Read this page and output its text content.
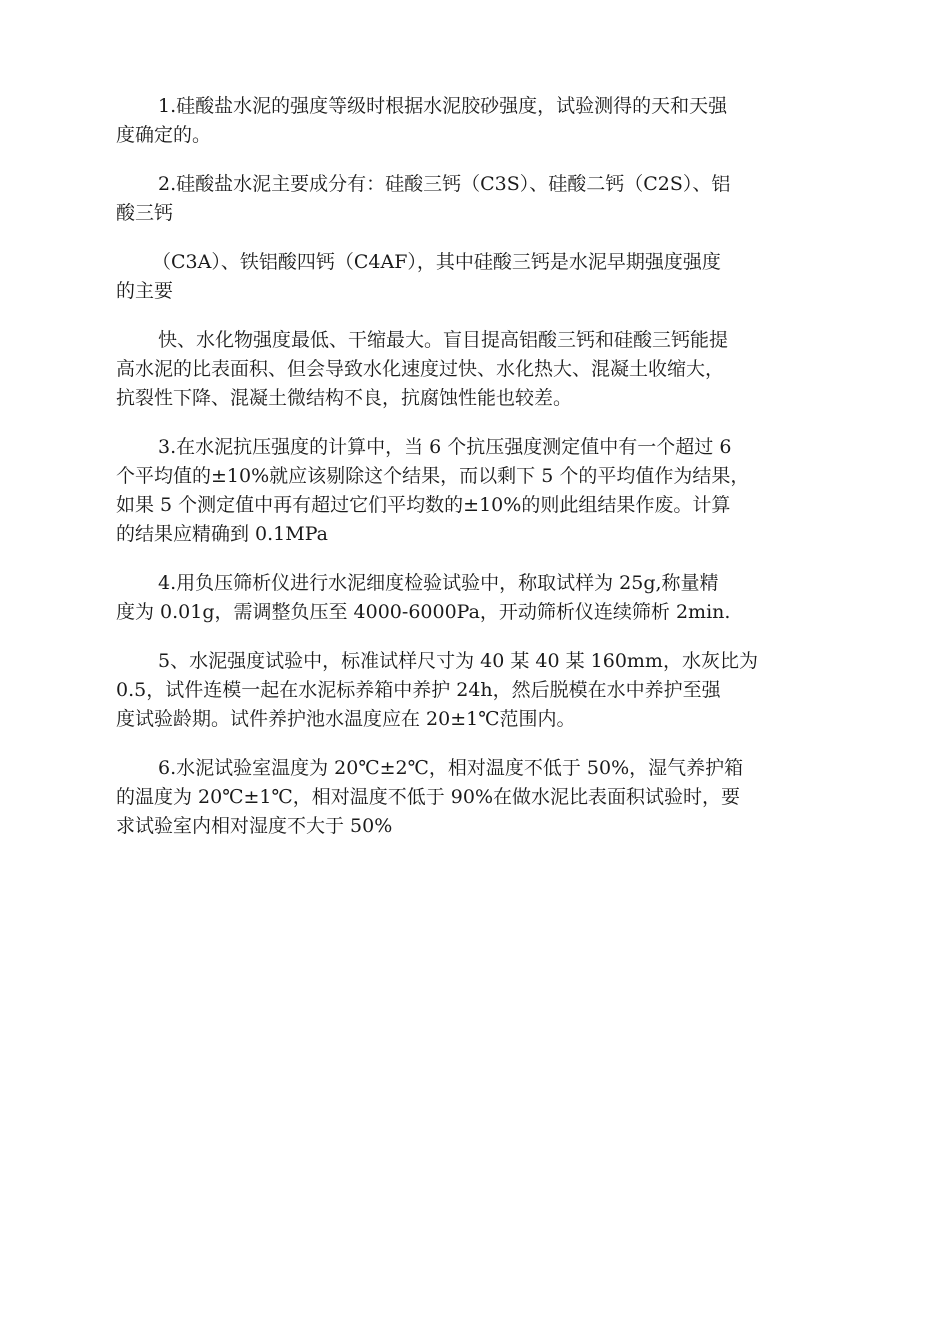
1.硅酸盐水泥的强度等级时根据水泥胶砂强度，试验测得的天和天强
度确定的。

2.硅酸盐水泥主要成分有：硅酸三钙（C3S）、硅酸二钙（C2S）、铝
酸三钙

（C3A）、铁铝酸四钙（C4AF），其中硅酸三钙是水泥早期强度强度
的主要

快、水化物强度最低、干缩最大。盲目提高铝酸三钙和硅酸三钙能提
高水泥的比表面积、但会导致水化速度过快、水化热大、混凝土收缩大，
抗裂性下降、混凝土微结构不良，抗腐蚀性能也较差。

3.在水泥抗压强度的计算中，当 6 个抗压强度测定值中有一个超过 6
个平均值的±10%就应该剔除这个结果，而以剩下 5 个的平均值作为结果，
如果 5 个测定值中再有超过它们平均数的±10%的则此组结果作废。计算
的结果应精确到 0.1MPa

4.用负压筛析仪进行水泥细度检验试验中，称取试样为 25g,称量精
度为 0.01g，需调整负压至 4000-6000Pa，开动筛析仪连续筛析 2min.

5、水泥强度试验中，标准试样尺寸为 40 某 40 某 160mm，水灰比为
0.5，试件连模一起在水泥标养箱中养护 24h，然后脱模在水中养护至强
度试验龄期。试件养护池水温度应在 20±1℃范围内。

6.水泥试验室温度为 20℃±2℃，相对温度不低于 50%，湿气养护箱
的温度为 20℃±1℃，相对温度不低于 90%在做水泥比表面积试验时，要
求试验室内相对湿度不大于 50%
